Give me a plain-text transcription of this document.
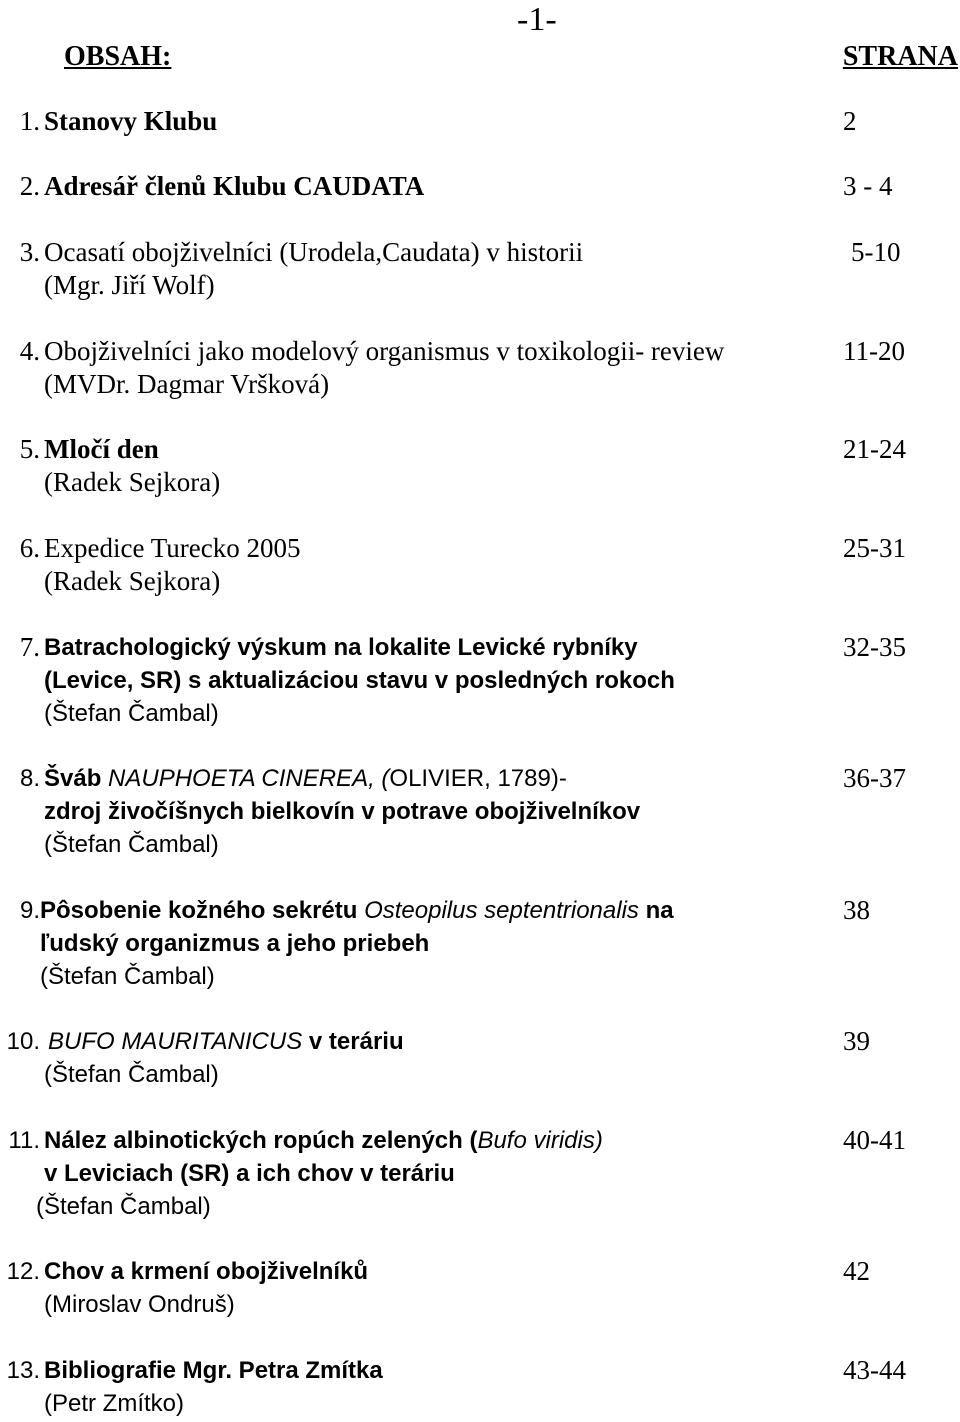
-1-
OBSAH:	STRANA
1. Stanovy Klubu	2
2. Adresář členů Klubu CAUDATA	3 - 4
3. Ocasatí obojživelníci (Urodela,Caudata) v historii	5-10
(Mgr. Jiří Wolf)
4. Obojživelníci jako modelový organismus v toxikologii- review	11-20
(MVDr. Dagmar Vršková)
5. Mločí den	21-24
(Radek Sejkora)
6. Expedice Turecko 2005	25-31
(Radek Sejkora)
7. Batrachologický výskum na lokalite Levické rybníky	32-35
(Levice, SR) s aktualizáciou stavu v posledných rokoch
(Štefan Čambal)
8. Šváb NAUPHOETA CINEREA, (OLIVIER, 1789)-	36-37
zdroj živočíšnych bielkovín v potrave obojživelníkov
(Štefan Čambal)
9. Pôsobenie kožného sekrétu Osteopilus septentrionalis na	38
ľudský organizmus a jeho priebeh
(Štefan Čambal)
10. BUFO MAURITANICUS v teráriu	39
(Štefan Čambal)
11. Nález albinotických ropúch zelených (Bufo viridis)	40-41
v Leviciach (SR) a ich chov v teráriu
(Štefan Čambal)
12. Chov a krmení obojživelníků	42
(Miroslav Ondruš)
13. Bibliografie Mgr. Petra Zmítka	43-44
(Petr Zmítko)
